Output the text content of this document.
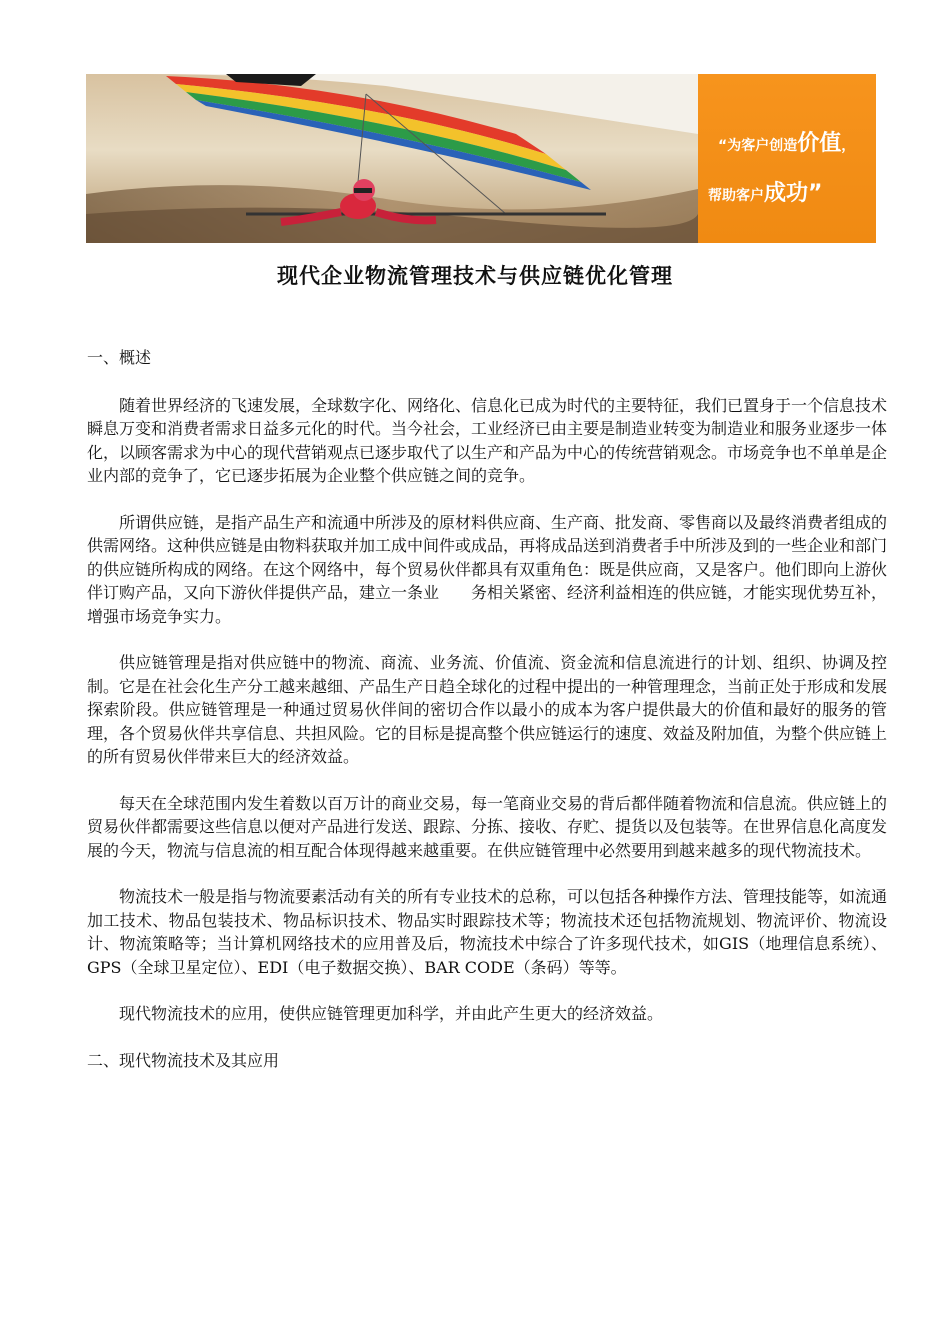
“为客户创造价值，
帮助客户成功”
现代企业物流管理技术与供应链优化管理

一、概述

随着世界经济的飞速发展，全球数字化、网络化、信息化已成为时代的主要特征，我们已置身于一个信息技术瞬息万变和消费者需求日益多元化的时代。当今社会，工业经济已由主要是制造业转变为制造业和服务业逐步一体化，以顾客需求为中心的现代营销观点已逐步取代了以生产和产品为中心的传统营销观念。市场竞争也不单单是企业内部的竞争了，它已逐步拓展为企业整个供应链之间的竞争。

所谓供应链，是指产品生产和流通中所涉及的原材料供应商、生产商、批发商、零售商以及最终消费者组成的供需网络。这种供应链是由物料获取并加工成中间件或成品，再将成品送到消费者手中所涉及到的一些企业和部门的供应链所构成的网络。在这个网络中，每个贸易伙伴都具有双重角色：既是供应商，又是客户。他们即向上游伙伴订购产品，又向下游伙伴提供产品，建立一条业　　务相关紧密、经济利益相连的供应链，才能实现优势互补，增强市场竞争实力。

供应链管理是指对供应链中的物流、商流、业务流、价值流、资金流和信息流进行的计划、组织、协调及控制。它是在社会化生产分工越来越细、产品生产日趋全球化的过程中提出的一种管理理念，当前正处于形成和发展探索阶段。供应链管理是一种通过贸易伙伴间的密切合作以最小的成本为客户提供最大的价值和最好的服务的管理，各个贸易伙伴共享信息、共担风险。它的目标是提高整个供应链运行的速度、效益及附加值，为整个供应链上的所有贸易伙伴带来巨大的经济效益。

每天在全球范围内发生着数以百万计的商业交易，每一笔商业交易的背后都伴随着物流和信息流。供应链上的贸易伙伴都需要这些信息以便对产品进行发送、跟踪、分拣、接收、存贮、提货以及包装等。在世界信息化高度发展的今天，物流与信息流的相互配合体现得越来越重要。在供应链管理中必然要用到越来越多的现代物流技术。

物流技术一般是指与物流要素活动有关的所有专业技术的总称，可以包括各种操作方法、管理技能等，如流通加工技术、物品包装技术、物品标识技术、物品实时跟踪技术等；物流技术还包括物流规划、物流评价、物流设计、物流策略等；当计算机网络技术的应用普及后，物流技术中综合了许多现代技术，如GIS（地理信息系统）、GPS（全球卫星定位）、EDI（电子数据交换）、BAR CODE（条码）等等。

现代物流技术的应用，使供应链管理更加科学，并由此产生更大的经济效益。

二、现代物流技术及其应用
